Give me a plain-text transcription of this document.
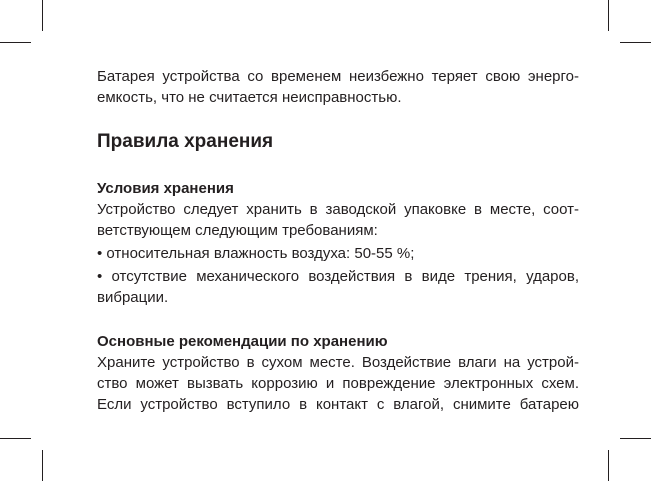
Батарея устройства со временем неизбежно теряет свою энерго-
емкость, что не считается неисправностью.

Правила хранения
Условия хранения

Устройство следует хранить в заводской упаковке в месте, соот-
ветствующем следующим требованиям:

• относительная влажность воздуха: 50-55 %;

• отсутствие механического воздействия в виде трения, ударов,
вибрации.

Основные рекомендации по хранению

Храните устройство в сухом месте. Воздействие влаги на устрой-
ство может вызвать коррозию и повреждение электронных схем.
Если устройство вступило в контакт с влагой, снимите батарею
